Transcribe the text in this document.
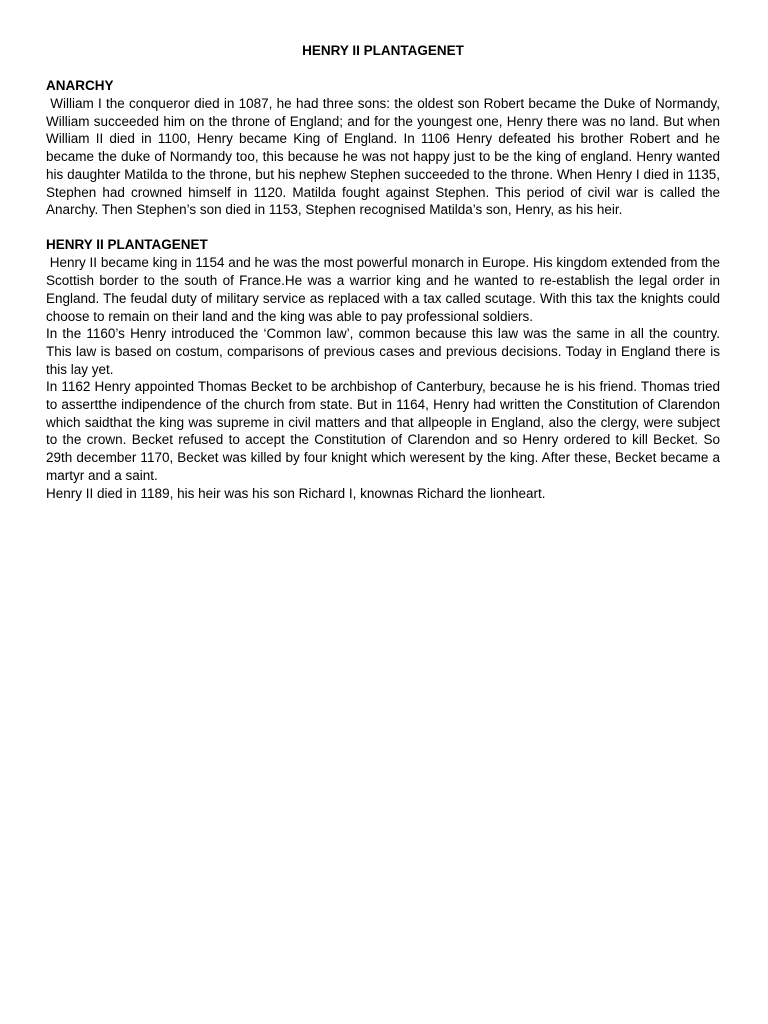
HENRY II PLANTAGENET
ANARCHY

William I the conqueror died in 1087, he had three sons: the oldest son Robert became the Duke of Normandy, William succeeded him on the throne of England; and for the youngest one, Henry there was no land. But when William II died in 1100, Henry became King of England. In 1106 Henry defeated his brother Robert and he became the duke of Normandy too, this because he was not happy just to be the king of england. Henry wanted his daughter Matilda to the throne, but his nephew Stephen succeeded to the throne. When Henry I died in 1135, Stephen had crowned himself in 1120. Matilda fought against Stephen. This period of civil war is called the Anarchy. Then Stephen’s son died in 1153, Stephen recognised Matilda’s son, Henry, as his heir.

HENRY II PLANTAGENET

Henry II became king in 1154 and he was the most powerful monarch in Europe. His kingdom extended from the Scottish border to the south of France.He was a warrior king and he wanted to re-establish the legal order in England. The feudal duty of military service as replaced with a tax called scutage. With this tax the knights could choose to remain on their land and the king was able to pay professional soldiers.

In the 1160’s Henry introduced the ‘Common law’, common because this law was the same in all the country. This law is based on costum, comparisons of previous cases and previous decisions. Today in England there is this lay yet.

In 1162 Henry appointed Thomas Becket to be archbishop of Canterbury, because he is his friend. Thomas tried to assertthe indipendence of the church from state. But in 1164, Henry had written the Constitution of Clarendon which saidthat the king was supreme in civil matters and that allpeople in England, also the clergy, were subject to the crown. Becket refused to accept the Constitution of Clarendon and so Henry ordered to kill Becket. So 29th december 1170, Becket was killed by four knight which weresent by the king. After these, Becket became a martyr and a saint.

Henry II died in 1189, his heir was his son Richard I, knownas Richard the lionheart.
